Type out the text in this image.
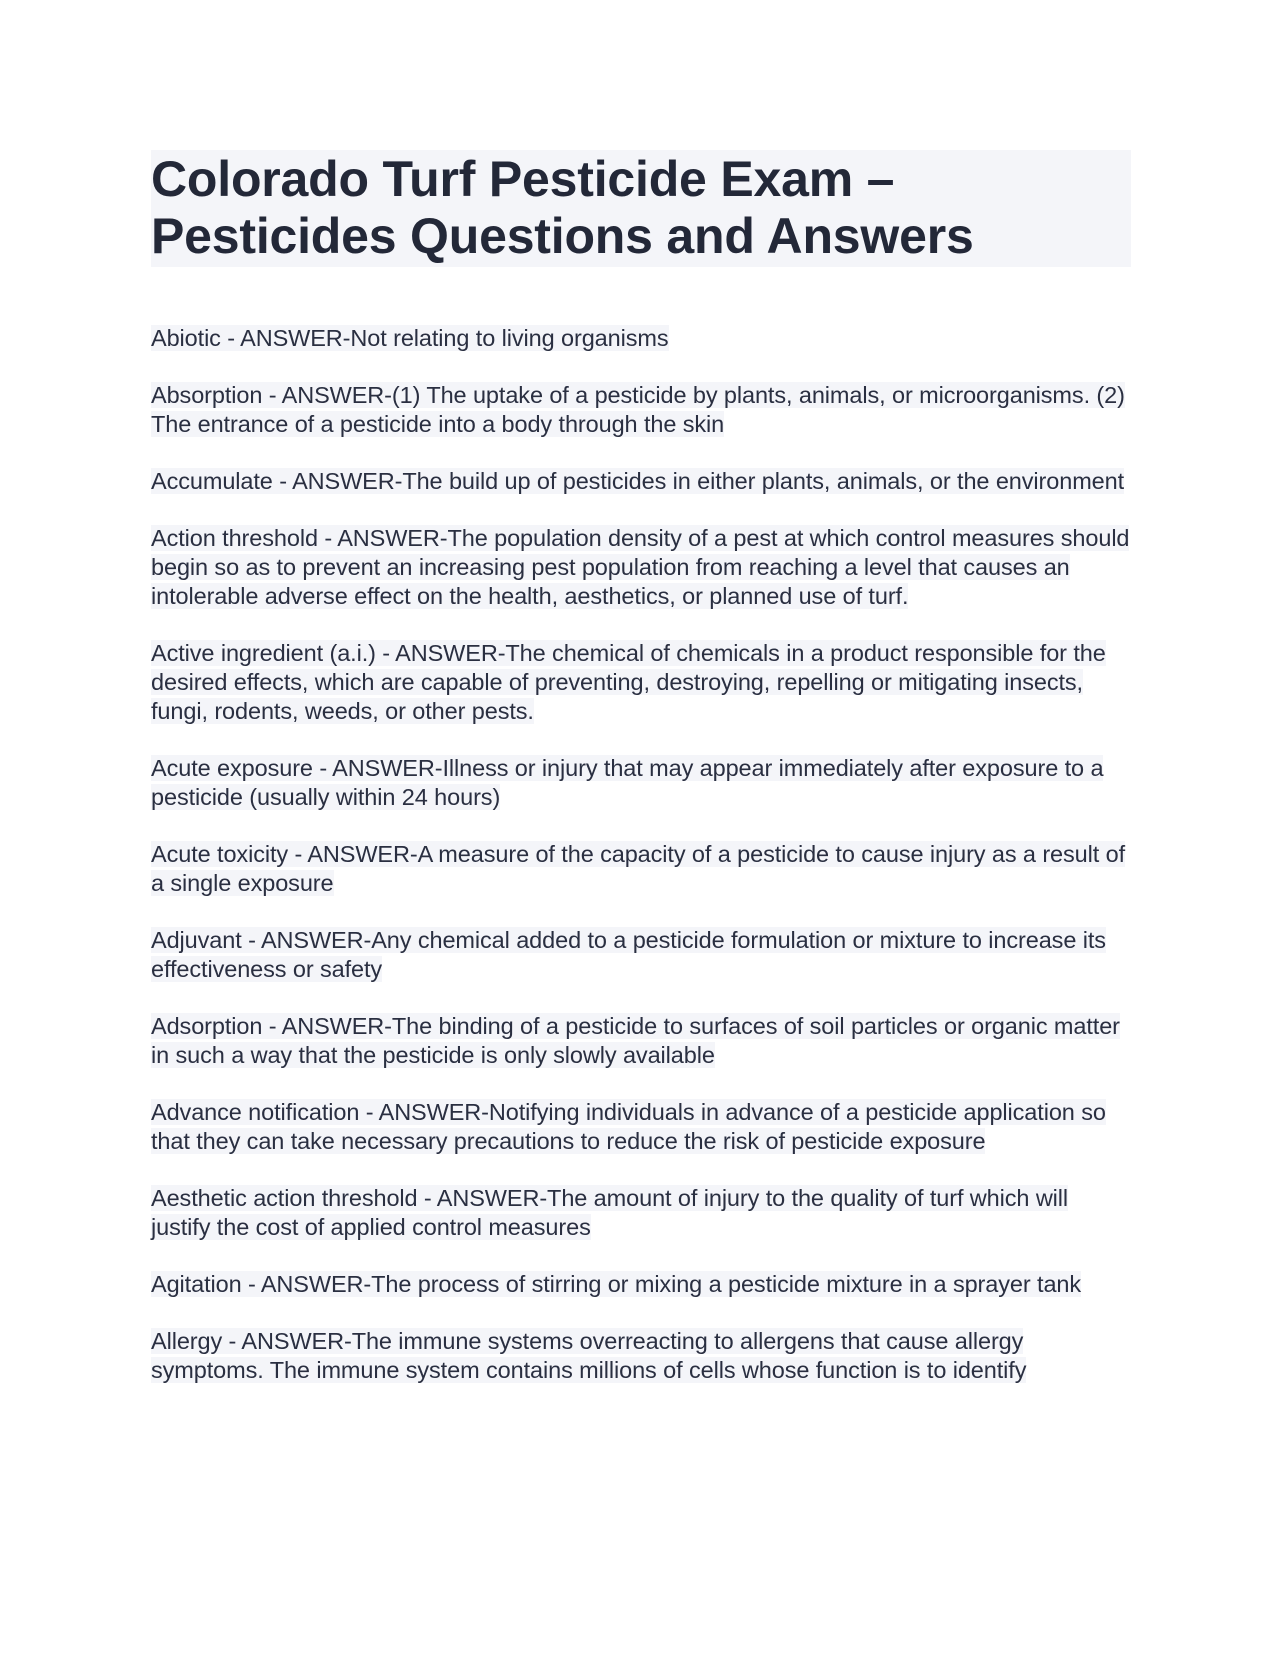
Colorado Turf Pesticide Exam –
Pesticides Questions and Answers

Abiotic - ANSWER-Not relating to living organisms

Absorption - ANSWER-(1) The uptake of a pesticide by plants, animals, or microorganisms. (2) The entrance of a pesticide into a body through the skin

Accumulate - ANSWER-The build up of pesticides in either plants, animals, or the environment

Action threshold - ANSWER-The population density of a pest at which control measures should begin so as to prevent an increasing pest population from reaching a level that causes an intolerable adverse effect on the health, aesthetics, or planned use of turf.

Active ingredient (a.i.) - ANSWER-The chemical of chemicals in a product responsible for the desired effects, which are capable of preventing, destroying, repelling or mitigating insects, fungi, rodents, weeds, or other pests.

Acute exposure - ANSWER-Illness or injury that may appear immediately after exposure to a pesticide (usually within 24 hours)

Acute toxicity - ANSWER-A measure of the capacity of a pesticide to cause injury as a result of a single exposure

Adjuvant - ANSWER-Any chemical added to a pesticide formulation or mixture to increase its effectiveness or safety

Adsorption - ANSWER-The binding of a pesticide to surfaces of soil particles or organic matter in such a way that the pesticide is only slowly available

Advance notification - ANSWER-Notifying individuals in advance of a pesticide application so that they can take necessary precautions to reduce the risk of pesticide exposure

Aesthetic action threshold - ANSWER-The amount of injury to the quality of turf which will justify the cost of applied control measures

Agitation - ANSWER-The process of stirring or mixing a pesticide mixture in a sprayer tank

Allergy - ANSWER-The immune systems overreacting to allergens that cause allergy symptoms. The immune system contains millions of cells whose function is to identify
